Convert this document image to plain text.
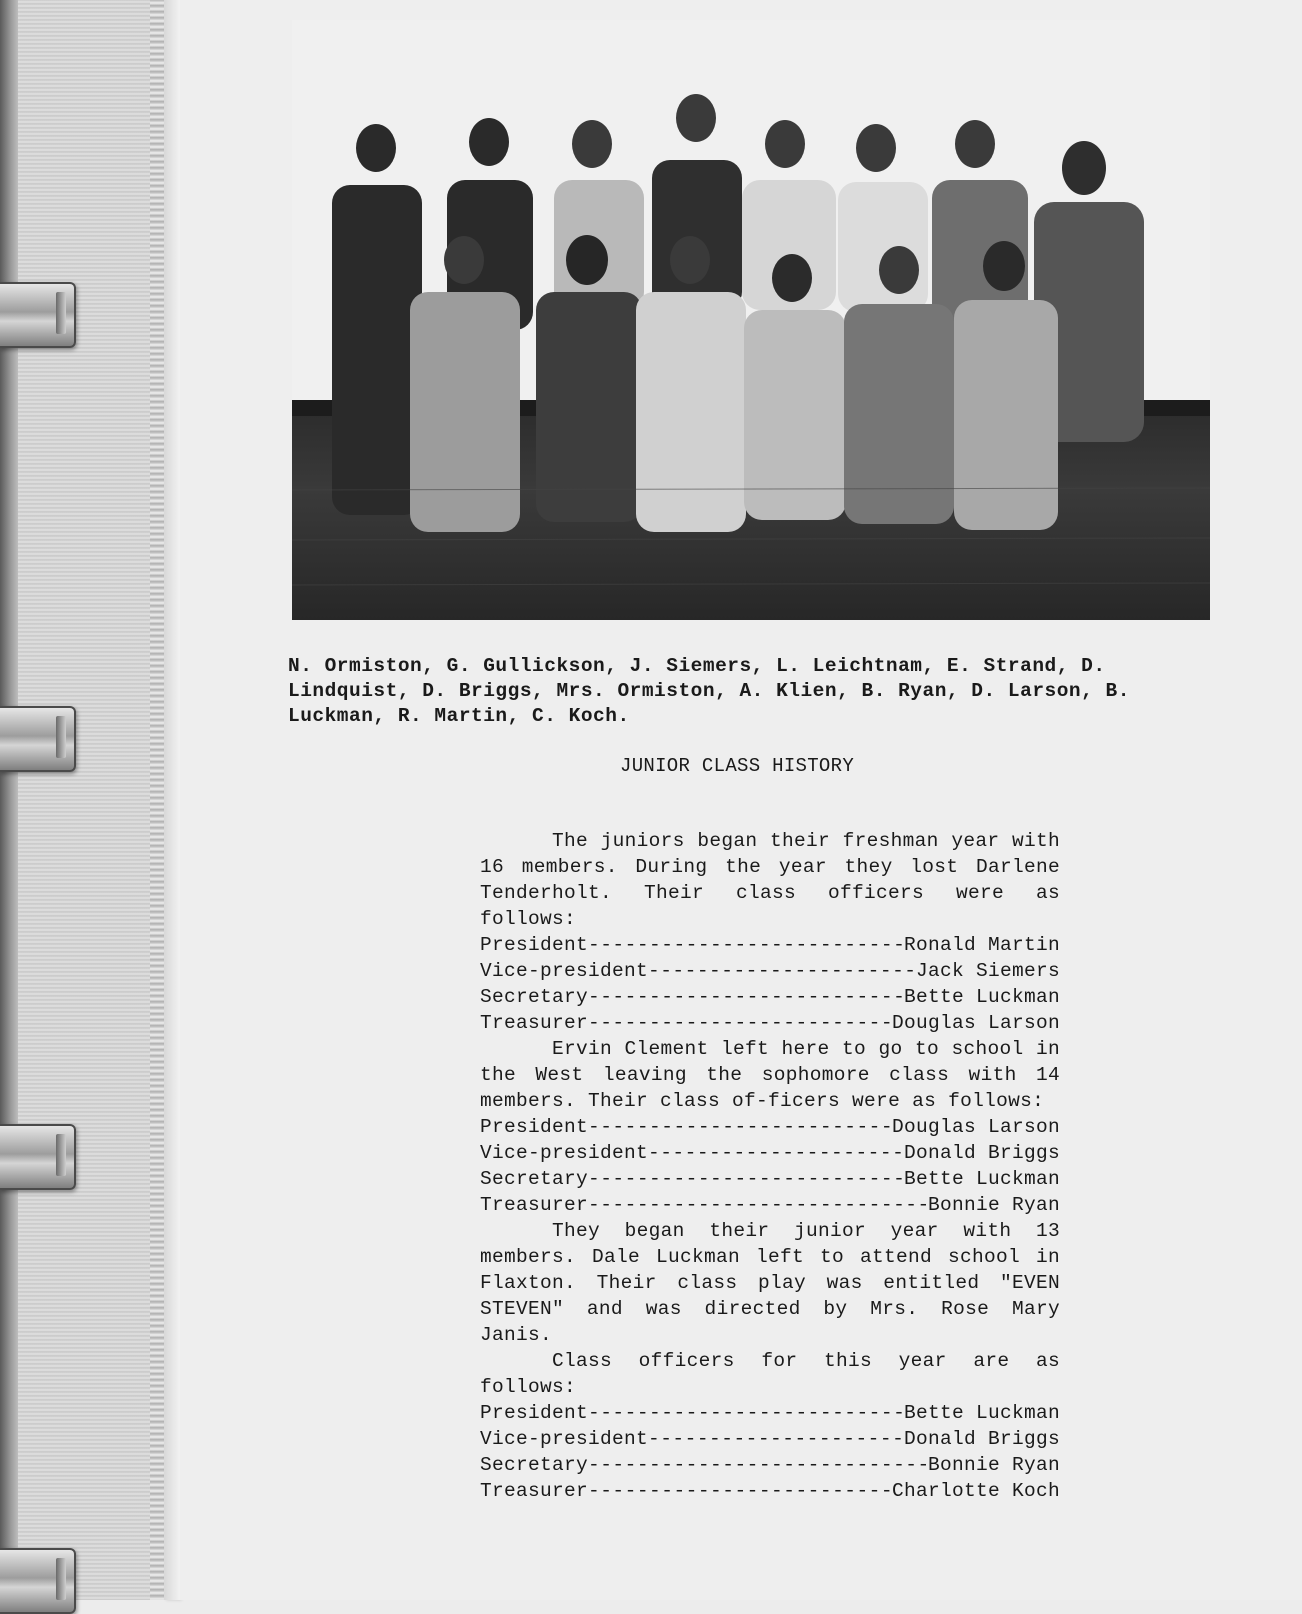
N. Ormiston, G. Gullickson, J. Siemers, L. Leichtnam, E. Strand, D. Lindquist, D. Briggs, Mrs. Ormiston, A. Klien, B. Ryan, D. Larson, B. Luckman, R. Martin, C. Koch.

JUNIOR CLASS HISTORY

The juniors began their freshman year with 16 members. During the year they lost Darlene Tenderholt. Their class officers were as follows:

President -----	Ronald Martin
Vice-president -----	Jack Siemers
Secretary -----	Bette Luckman
Treasurer -----	Douglas Larson

Ervin Clement left here to go to school in the West leaving the sophomore class with 14 members. Their class of-ficers were as follows:

President -----	Douglas Larson
Vice-president -----	Donald Briggs
Secretary -----	Bette Luckman
Treasurer -----	Bonnie Ryan

They began their junior year with 13 members. Dale Luckman left to attend school in Flaxton. Their class play was entitled "EVEN STEVEN" and was directed by Mrs. Rose Mary Janis.

Class officers for this year are as follows:

President -----	Bette Luckman
Vice-president -----	Donald Briggs
Secretary -----	Bonnie Ryan
Treasurer -----	Charlotte Koch
